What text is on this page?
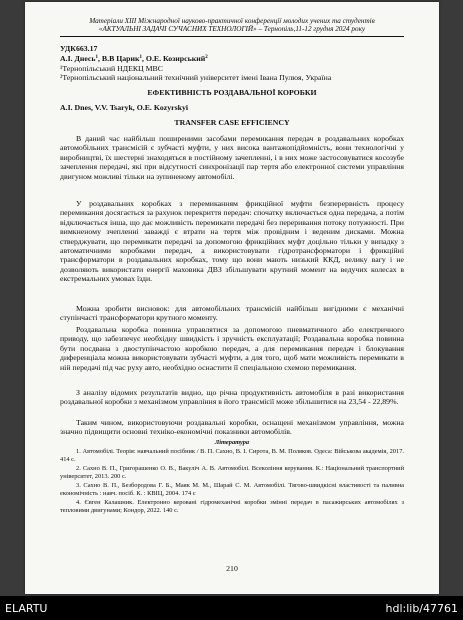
Матеріали XIII Міжнародної науково-практичної конференції молодих учених та студентів
«АКТУАЛЬНІ ЗАДАЧІ СУЧАСНИХ ТЕХНОЛОГІЙ» – Тернопіль,11-12 грудня 2024 року
УДК663.17
А.І. Днесь$^1$, В.В Царик$^1$, О.Е. Козирський$^2$
¹Тернопільський НДЕКЦ МВС
²Тернопільський національний технічний університет імені Івана Пулюя, Україна
ЕФЕКТИВНІСТЬ РОЗДАВАЛЬНОЇ КОРОБКИ
A.I. Dnes, V.V. Tsaryk, O.E. Kozyrskyi
TRANSFER CASE EFFICIENCY
В даний час найбільш поширеними засобами перемикання передач в роздавальних коробках автомобільних трансмісій є зубчасті муфти, у них висока вантажопідйомність, вони технологічні у виробництві, їх шестерні знаходяться в постійному зачепленні, і в них може застосовуватися косозубе зачеплення передачі, які при відсутності синхронізації пар тертя або електронної системи управління двигуном можливі тільки на зупиненому автомобілі.
У роздавальних коробках з перемиканням фрикційної муфти безперервність процесу перемикання досягається за рахунок перекриття передач: спочатку включається одна передача, а потім відключається інша, що дає можливість перемикати передачі без переривання потоку потужності. При вимкненому зчепленні заважді є втрати на тертя між провідним і веденим дисками. Можна стверджувати, що перемикати передачі за допомогою фрикційних муфт доцільно тільки у випадку з автоматичними коробками передач, а використовувати гідротрансформатори і фрикційні трансформатори в роздавальних коробках, тому що вони мають низький ККД, велику вагу і не дозволяють використати енергії маховика ДВЗ збільшувати крутний момент на ведучих колесах в екстремальних умовах їзди.
Можна зробити висновок: для автомобільних трансмісій найбільш вигідними є механічні ступінчасті трансформатори крутного моменту.
Роздавальна коробка повинна управлятися за допомогою пневматичного або електричного приводу, що забезпечує необхідну швидкість і зручність експлуатації; Роздавальна коробка повинна бути посдвана з двоступінчастою коробкою передач, а для перемикання передач і блокування диференціала можна використовувати зубчасті муфти, а для того, щоб мати можливість перемикати в ній передачі під час руху авто, необхідно оснастити її спеціальною схемою перемикання.
З аналізу відомих результатів видно, що річна продуктивність автомобіля в разі використання роздавальної коробки з механізмом управління в його трансмісії може збільшитися на 23,54 - 22,89%.
Таким чином, використовуючи роздавальні коробки, оснащені механізмом управління, можна значно підвищити основні техніко-економічні показники автомобілів.
Література
1. Автомобілі. Теорія: навчальний посібник / В. П. Сахно, В. І. Сирота, В. М. Поляков. Одеса: Військова академія, 2017. 414 с.
2. Сахно В. П., Григорашенко О. В., Вакуліч А. В. Автомобілі. Всекоління керування. К.: Національний транспортний університет, 2013. 200 с.
3. Сахно В. П., Безбородова Г. Б., Маяк М. М., Шарай С. М. Автомобілі. Тягово-швидкісні властивості та паливна економічність : навч. посіб. К. : КВІЦ, 2004. 174 с
4. Євген Калашник. Електронно керовані гідромеханічні коробки змінні передач в пасажирських автомобілях з тепловими двигунами; Кондор, 2022. 140 с.
210
ELARTU	hdl:lib/47761
